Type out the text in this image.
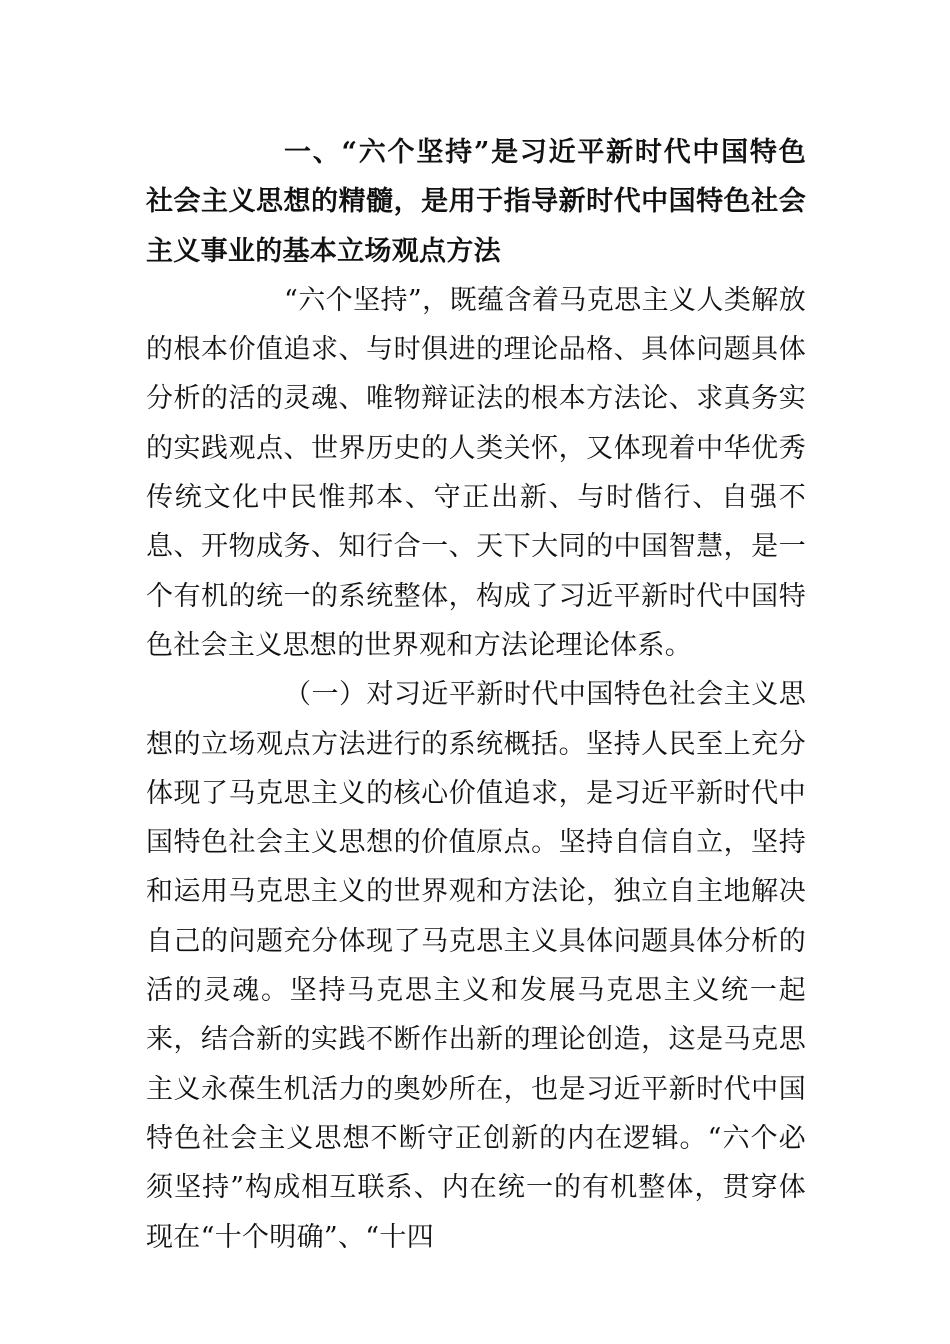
一、“六个坚持”是习近平新时代中国特色社会主义思想的精髓，是用于指导新时代中国特色社会主义事业的基本立场观点方法

“六个坚持”，既蕴含着马克思主义人类解放的根本价值追求、与时俱进的理论品格、具体问题具体分析的活的灵魂、唯物辩证法的根本方法论、求真务实的实践观点、世界历史的人类关怀，又体现着中华优秀传统文化中民惟邦本、守正出新、与时偕行、自强不息、开物成务、知行合一、天下大同的中国智慧，是一个有机的统一的系统整体，构成了习近平新时代中国特色社会主义思想的世界观和方法论理论体系。

（一）对习近平新时代中国特色社会主义思想的立场观点方法进行的系统概括。坚持人民至上充分体现了马克思主义的核心价值追求，是习近平新时代中国特色社会主义思想的价值原点。坚持自信自立，坚持和运用马克思主义的世界观和方法论，独立自主地解决自己的问题充分体现了马克思主义具体问题具体分析的活的灵魂。坚持马克思主义和发展马克思主义统一起来，结合新的实践不断作出新的理论创造，这是马克思主义永葆生机活力的奥妙所在，也是习近平新时代中国特色社会主义思想不断守正创新的内在逻辑。“六个必须坚持”构成相互联系、内在统一的有机整体，贯穿体现在“十个明确”、“十四
